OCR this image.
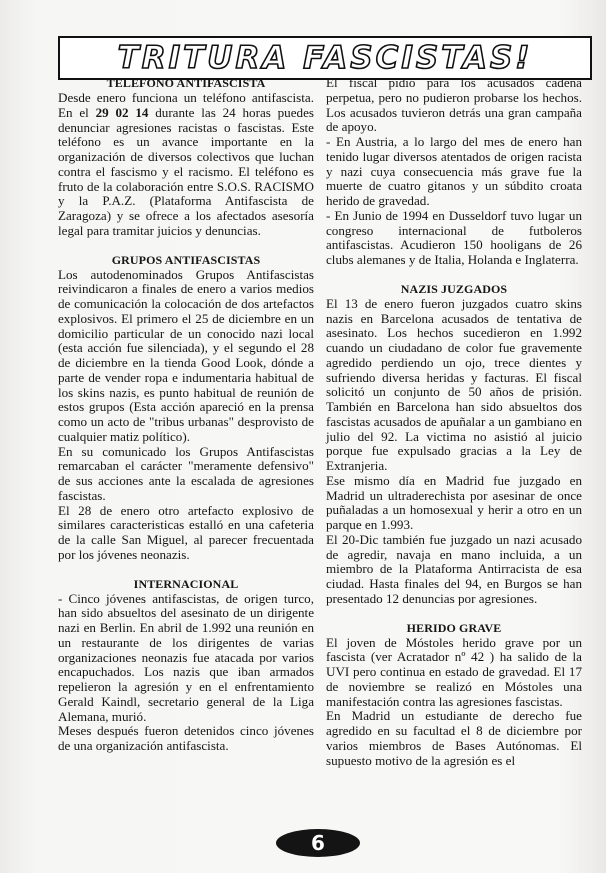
TRITURA FASCISTAS!
TELEFONO ANTIFASCISTA

Desde enero funciona un teléfono antifascista. En el 29 02 14 durante las 24 horas puedes denunciar agresiones racistas o fascistas. Este teléfono es un avance importante en la organización de diversos colectivos que luchan contra el fascismo y el racismo. El teléfono es fruto de la colaboración entre S.O.S. RACISMO y la P.A.Z. (Plataforma Antifascista de Zaragoza) y se ofrece a los afectados asesoría legal para tramitar juicios y denuncias.

GRUPOS ANTIFASCISTAS

Los autodenominados Grupos Antifascistas reivindicaron a finales de enero a varios medios de comunicación la colocación de dos artefactos explosivos. El primero el 25 de diciembre en un domicilio particular de un conocido nazi local (esta acción fue silenciada), y el segundo el 28 de diciembre en la tienda Good Look, dónde a parte de vender ropa e indumentaria habitual de los skins nazis, es punto habitual de reunión de estos grupos (Esta acción apareció en la prensa como un acto de "tribus urbanas" desprovisto de cualquier matiz político).

En su comunicado los Grupos Antifascistas remarcaban el carácter "meramente defensivo" de sus acciones ante la escalada de agresiones fascistas.

El 28 de enero otro artefacto explosivo de similares caracteristicas estalló en una cafeteria de la calle San Miguel, al parecer frecuentada por los jóvenes neonazis.

INTERNACIONAL

- Cinco jóvenes antifascistas, de origen turco, han sido absueltos del asesinato de un dirigente nazi en Berlin. En abril de 1.992 una reunión en un restaurante de los dirigentes de varias organizaciones neonazis fue atacada por varios encapuchados. Los nazis que iban armados repelieron la agresión y en el enfrentamiento Gerald Kaindl, secretario general de la Liga Alemana, murió.

Meses después fueron detenidos cinco jóvenes de una organización antifascista.

El fiscal pidió para los acusados cadena perpetua, pero no pudieron probarse los hechos. Los acusados tuvieron detrás una gran campaña de apoyo.

- En Austria, a lo largo del mes de enero han tenido lugar diversos atentados de origen racista y nazi cuya consecuencia más grave fue la muerte de cuatro gitanos y un súbdito croata herido de gravedad.

- En Junio de 1994 en Dusseldorf tuvo lugar un congreso internacional de futboleros antifascistas. Acudieron 150 hooligans de 26 clubs alemanes y de Italia, Holanda e Inglaterra.

NAZIS JUZGADOS

El 13 de enero fueron juzgados cuatro skins nazis en Barcelona acusados de tentativa de asesinato. Los hechos sucedieron en 1.992 cuando un ciudadano de color fue gravemente agredido perdiendo un ojo, trece dientes y sufriendo diversa heridas y facturas. El fiscal solicitó un conjunto de 50 años de prisión. También en Barcelona han sido absueltos dos fascistas acusados de apuñalar a un gambiano en julio del 92. La victima no asistió al juicio porque fue expulsado gracias a la Ley de Extranjeria.

Ese mismo día en Madrid fue juzgado en Madrid un ultraderechista por asesinar de once puñaladas a un homosexual y herir a otro en un parque en 1.993.

El 20-Dic también fue juzgado un nazi acusado de agredir, navaja en mano incluida, a un miembro de la Plataforma Antirracista de esa ciudad. Hasta finales del 94, en Burgos se han presentado 12 denuncias por agresiones.

HERIDO GRAVE

El joven de Móstoles herido grave por un fascista (ver Acratador nº 42 ) ha salido de la UVI pero continua en estado de gravedad. El 17 de noviembre se realizó en Móstoles una manifestación contra las agresiones fascistas.

En Madrid un estudiante de derecho fue agredido en su facultad el 8 de diciembre por varios miembros de Bases Autónomas. El supuesto motivo de la agresión es el

6
